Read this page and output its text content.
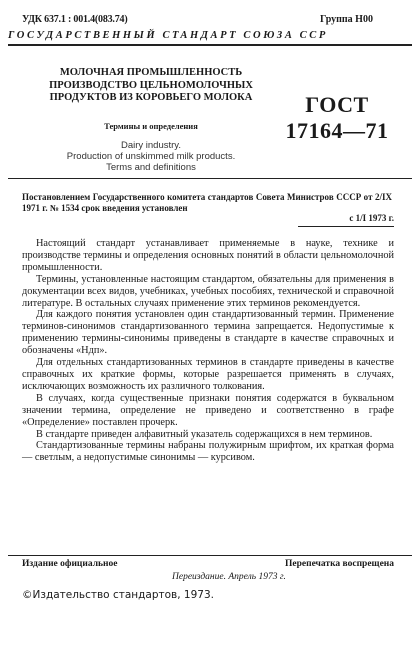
УДК 637.1 : 001.4(083.74)	Группа Н00
ГОСУДАРСТВЕННЫЙ СТАНДАРТ СОЮЗА ССР
МОЛОЧНАЯ ПРОМЫШЛЕННОСТЬ
ПРОИЗВОДСТВО ЦЕЛЬНОМОЛОЧНЫХ
ПРОДУКТОВ ИЗ КОРОВЬЕГО МОЛОКА
Термины и определения
Dairy industry.
Production of unskimmed milk products.
Terms and definitions
ГОСТ
17164—71
Постановлением Государственного комитета стандартов Совета Министров СССР от 2/IX 1971 г. № 1534 срок введения установлен
с 1/I 1973 г.

Настоящий стандарт устанавливает применяемые в науке, технике и производстве термины и определения основных понятий в области цельномолочной промышленности.

Термины, установленные настоящим стандартом, обязательны для применения в документации всех видов, учебниках, учебных пособиях, технической и справочной литературе. В остальных случаях применение этих терминов рекомендуется.

Для каждого понятия установлен один стандартизованный термин. Применение терминов-синонимов стандартизованного термина запрещается. Недопустимые к применению термины-синонимы приведены в стандарте в качестве справочных и обозначены «Ндп».

Для отдельных стандартизованных терминов в стандарте приведены в качестве справочных их краткие формы, которые разрешается применять в случаях, исключающих возможность их различного толкования.

В случаях, когда существенные признаки понятия содержатся в буквальном значении термина, определение не приведено и соответственно в графе «Определение» поставлен прочерк.

В стандарте приведен алфавитный указатель содержащихся в нем терминов.

Стандартизованные термины набраны полужирным шрифтом, их краткая форма — светлым, а недопустимые синонимы — курсивом.

Издание официальное	Перепечатка воспрещена
Переиздание. Апрель 1973 г.
©Издательство стандартов, 1973.
